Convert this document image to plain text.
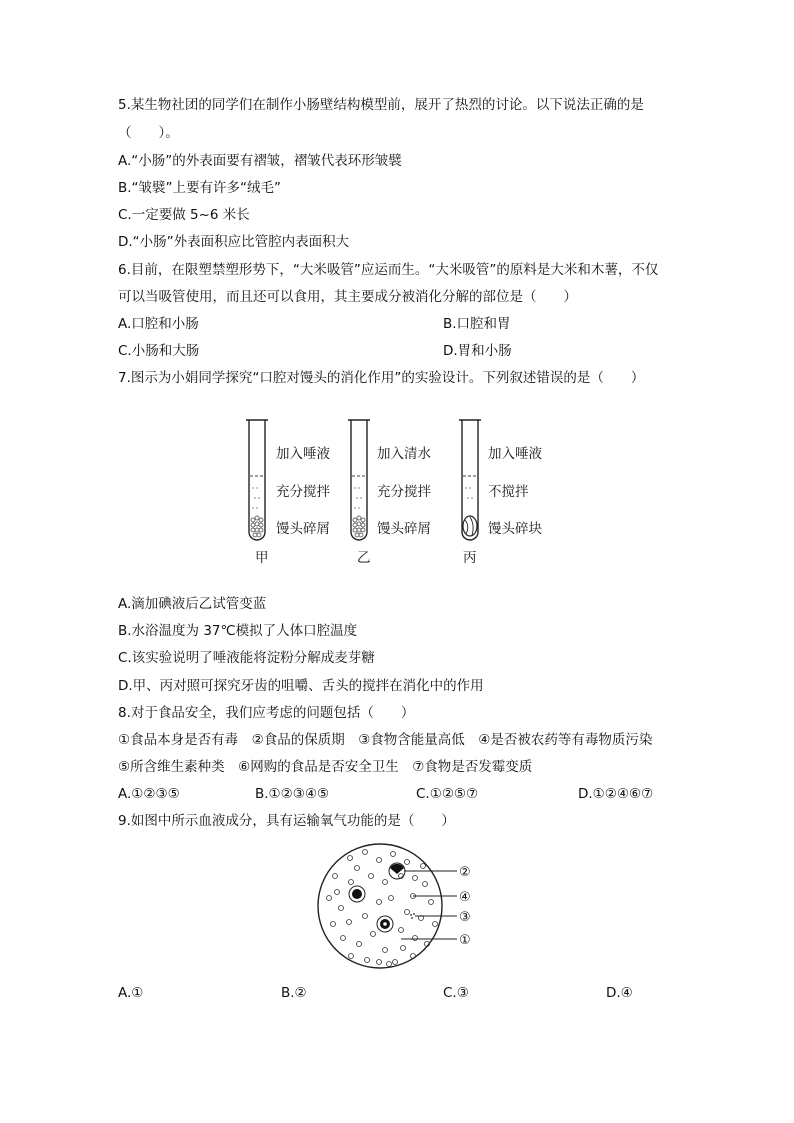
5.某生物社团的同学们在制作小肠壁结构模型前，展开了热烈的讨论。以下说法正确的是
（　　）。
A.“小肠”的外表面要有褶皱，褶皱代表环形皱襞
B.“皱襞”上要有许多“绒毛”
C.一定要做 5~6 米长
D.“小肠”外表面积应比管腔内表面积大
6.目前，在限塑禁塑形势下，“大米吸管”应运而生。“大米吸管”的原料是大米和木薯，不仅
可以当吸管使用，而且还可以食用，其主要成分被消化分解的部位是（　　）
A.口腔和小肠	B.口腔和胃
C.小肠和大肠	D.胃和小肠
7.图示为小娟同学探究“口腔对馒头的消化作用”的实验设计。下列叙述错误的是（　　）
加入唾液
充分搅拌
馒头碎屑
甲
加入清水
充分搅拌
馒头碎屑
乙
加入唾液
不搅拌
馒头碎块
丙
A.滴加碘液后乙试管变蓝
B.水浴温度为 37℃模拟了人体口腔温度
C.该实验说明了唾液能将淀粉分解成麦芽糖
D.甲、丙对照可探究牙齿的咀嚼、舌头的搅拌在消化中的作用
8.对于食品安全，我们应考虑的问题包括（　　）
①食品本身是否有毒　②食品的保质期　③食物含能量高低　④是否被农药等有毒物质污染
⑤所含维生素种类　⑥网购的食品是否安全卫生　⑦食物是否发霉变质
A.①②③⑤	B.①②③④⑤	C.①②⑤⑦	D.①②④⑥⑦
9.如图中所示血液成分，具有运输氧气功能的是（　　）
②
④
③
①
A.①	B.②	C.③	D.④
